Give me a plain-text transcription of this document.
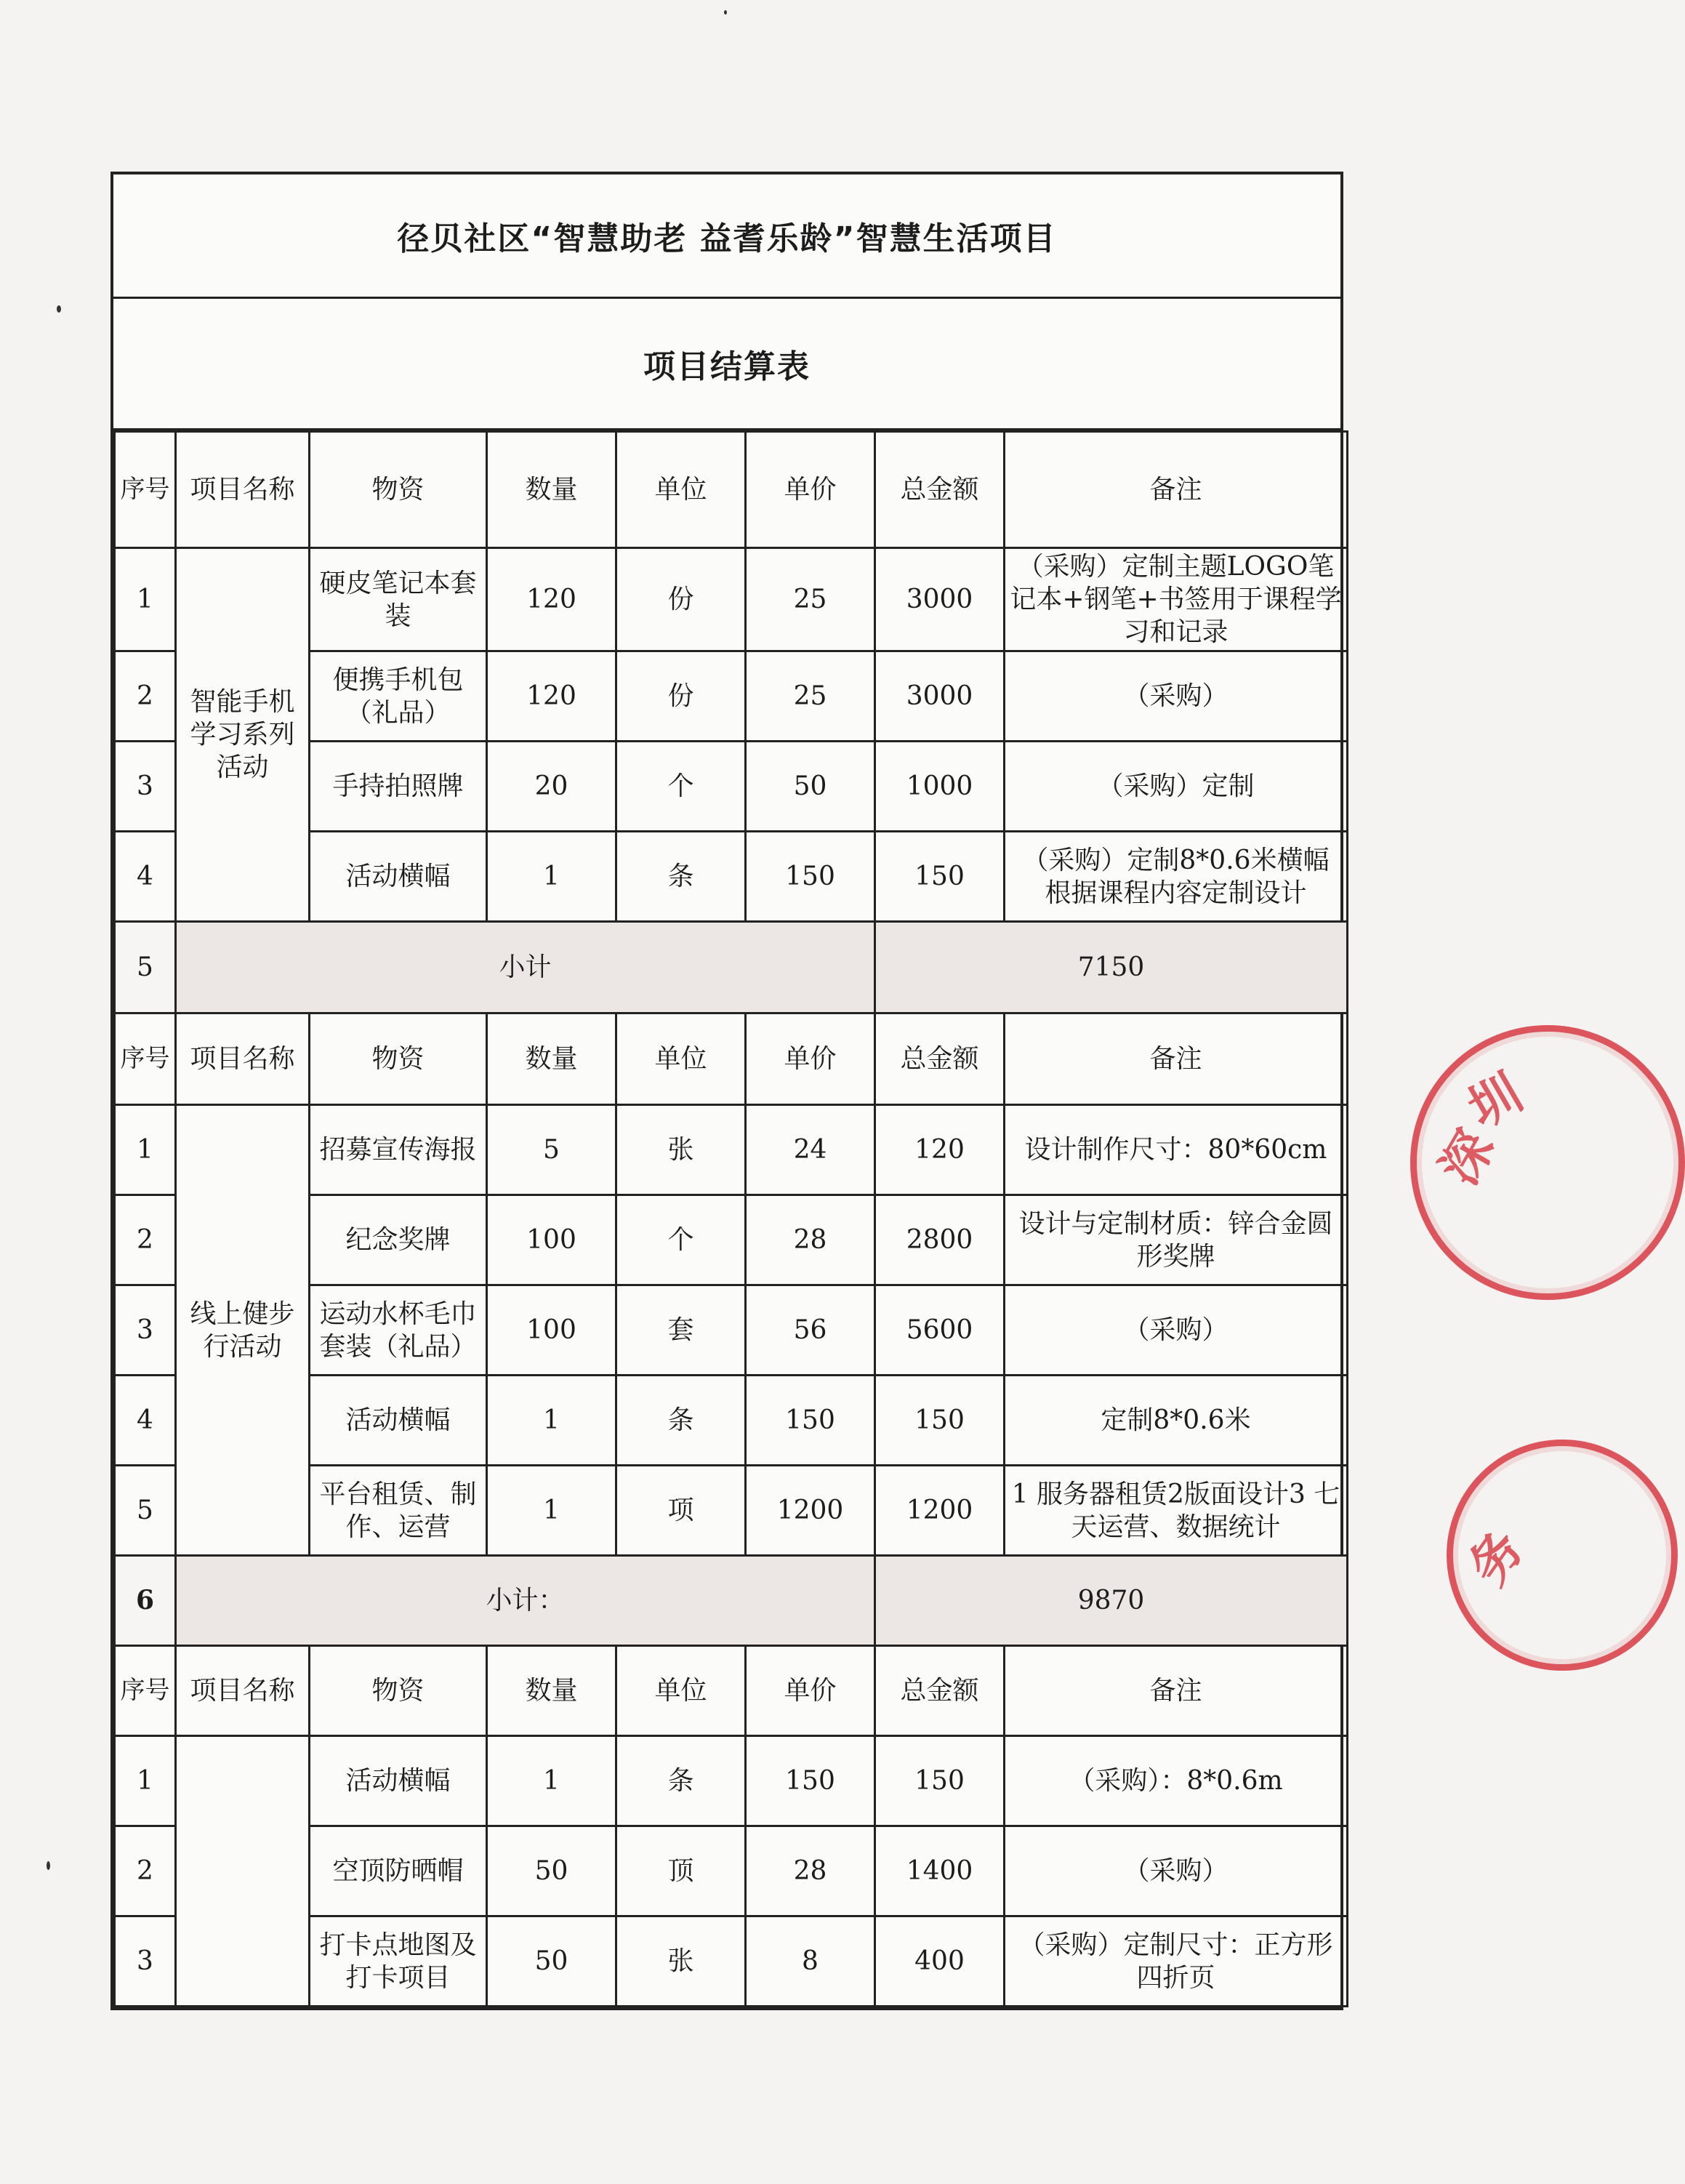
径贝社区“智慧助老 益耆乐龄”智慧生活项目
项目结算表
序号	项目名称	物资	数量	单位	单价	总金额	备注
1	智能手机学习系列活动	硬皮笔记本套装	120	份	25	3000	（采购）定制主题LOGO笔记本+钢笔+书签用于课程学习和记录
2		便携手机包（礼品）	120	份	25	3000	（采购）
3		手持拍照牌	20	个	50	1000	（采购）定制
4		活动横幅	1	条	150	150	（采购）定制8*0.6米横幅根据课程内容定制设计
5	小计					7150	
序号	项目名称	物资	数量	单位	单价	总金额	备注
1	线上健步行活动	招募宣传海报	5	张	24	120	设计制作尺寸：80*60cm
2		纪念奖牌	100	个	28	2800	设计与定制材质：锌合金圆形奖牌
3		运动水杯毛巾套装（礼品）	100	套	56	5600	（采购）
4		活动横幅	1	条	150	150	定制8*0.6米
5		平台租赁、制作、运营	1	项	1200	1200	1 服务器租赁2版面设计3 七天运营、数据统计
6	小计：					9870	
序号	项目名称	物资	数量	单位	单价	总金额	备注
1		活动横幅	1	条	150	150	（采购）：8*0.6m
2		空顶防晒帽	50	顶	28	1400	（采购）
3		打卡点地图及打卡项目	50	张	8	400	（采购）定制尺寸：正方形四折页
深
圳
务
